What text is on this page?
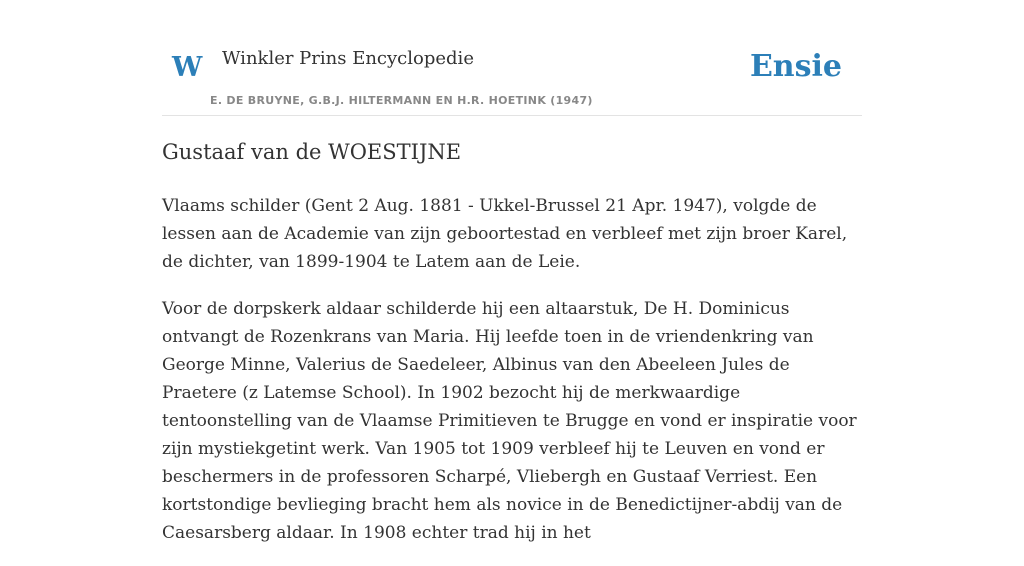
W Winkler Prins Encyclopedie
E. DE BRUYNE, G.B.J. HILTERMANN EN H.R. HOETINK (1947)
Ensie
Gustaaf van de WOESTIJNE

Vlaams schilder (Gent 2 Aug. 1881 - Ukkel-Brussel 21 Apr. 1947), volgde de lessen aan de Academie van zijn geboortestad en verbleef met zijn broer Karel, de dichter, van 1899-1904 te Latem aan de Leie.

Voor de dorpskerk aldaar schilderde hij een altaarstuk, De H. Dominicus ontvangt de Rozenkrans van Maria. Hij leefde toen in de vriendenkring van George Minne, Valerius de Saedeleer, Albinus van den Abeeleen Jules de Praetere (z Latemse School). In 1902 bezocht hij de merkwaardige tentoonstelling van de Vlaamse Primitieven te Brugge en vond er inspiratie voor zijn mystiekgetint werk. Van 1905 tot 1909 verbleef hij te Leuven en vond er beschermers in de professoren Scharpé, Vliebergh en Gustaaf Verriest. Een kortstondige bevlieging bracht hem als novice in de Benedictijner-abdij van de Caesarsberg aldaar. In 1908 echter trad hij in het
